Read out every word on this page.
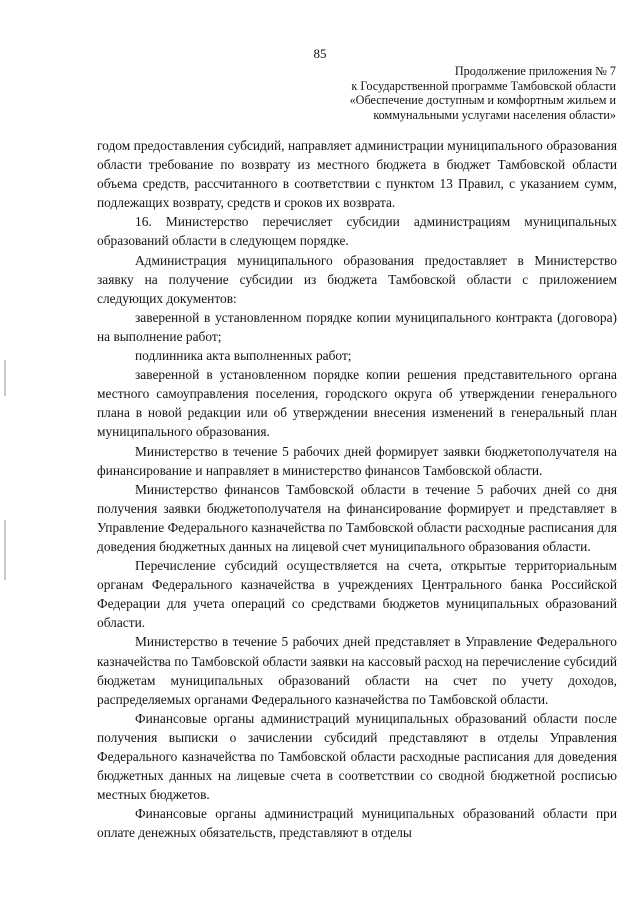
85
Продолжение приложения № 7
к Государственной программе Тамбовской области
«Обеспечение доступным и комфортным жильем и
коммунальными услугами населения области»

годом предоставления субсидий, направляет администрации муниципального образования области требование по возврату из местного бюджета в бюджет Тамбовской области объема средств, рассчитанного в соответствии с пунктом 13 Правил, с указанием сумм, подлежащих возврату, средств и сроков их возврата.

16. Министерство перечисляет субсидии администрациям муниципальных образований области в следующем порядке.

Администрация муниципального образования предоставляет в Министерство заявку на получение субсидии из бюджета Тамбовской области с приложением следующих документов:

заверенной в установленном порядке копии муниципального контракта (договора) на выполнение работ;

подлинника акта выполненных работ;

заверенной в установленном порядке копии решения представительного органа местного самоуправления поселения, городского округа об утверждении генерального плана в новой редакции или об утверждении внесения изменений в генеральный план муниципального образования.

Министерство в течение 5 рабочих дней формирует заявки бюджетополучателя на финансирование и направляет в министерство финансов Тамбовской области.

Министерство финансов Тамбовской области в течение 5 рабочих дней со дня получения заявки бюджетополучателя на финансирование формирует и представляет в Управление Федерального казначейства по Тамбовской области расходные расписания для доведения бюджетных данных на лицевой счет муниципального образования области.

Перечисление субсидий осуществляется на счета, открытые территориальным органам Федерального казначейства в учреждениях Центрального банка Российской Федерации для учета операций со средствами бюджетов муниципальных образований области.

Министерство в течение 5 рабочих дней представляет в Управление Федерального казначейства по Тамбовской области заявки на кассовый расход на перечисление субсидий бюджетам муниципальных образований области на счет по учету доходов, распределяемых органами Федерального казначейства по Тамбовской области.

Финансовые органы администраций муниципальных образований области после получения выписки о зачислении субсидий представляют в отделы Управления Федерального казначейства по Тамбовской области расходные расписания для доведения бюджетных данных на лицевые счета в соответствии со сводной бюджетной росписью местных бюджетов.

Финансовые органы администраций муниципальных образований области при оплате денежных обязательств, представляют в отделы
